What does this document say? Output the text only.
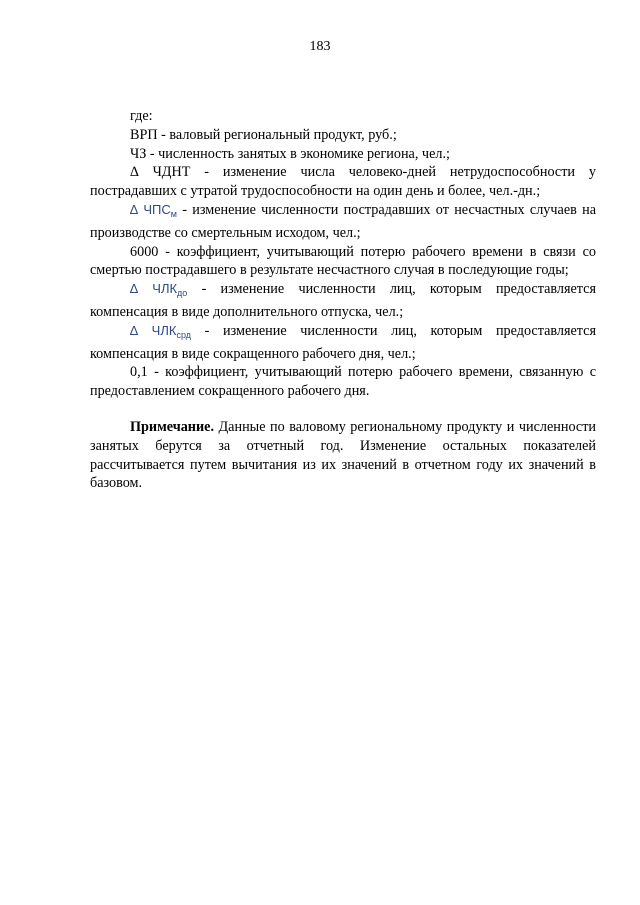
183

где:

ВРП - валовый региональный продукт, руб.;

ЧЗ - численность занятых в экономике региона, чел.;

∆ ЧДНТ - изменение числа человеко-дней нетрудоспособности у пострадавших с утратой трудоспособности на один день и более, чел.-дн.;

∆ $ЧПС_м$ - изменение численности пострадавших от несчастных случаев на производстве со смертельным исходом, чел.;

6000 - коэффициент, учитывающий потерю рабочего времени в связи со смертью пострадавшего в результате несчастного случая в последующие годы;

∆ $ЧЛК_{до}$ - изменение численности лиц, которым предоставляется компенсация в виде дополнительного отпуска, чел.;

∆ $ЧЛК_{срд}$ - изменение численности лиц, которым предоставляется компенсация в виде сокращенного рабочего дня, чел.;

0,1 - коэффициент, учитывающий потерю рабочего времени, связанную с предоставлением сокращенного рабочего дня.

Примечание. Данные по валовому региональному продукту и численности занятых берутся за отчетный год. Изменение остальных показателей рассчитывается путем вычитания из их значений в отчетном году их значений в базовом.
